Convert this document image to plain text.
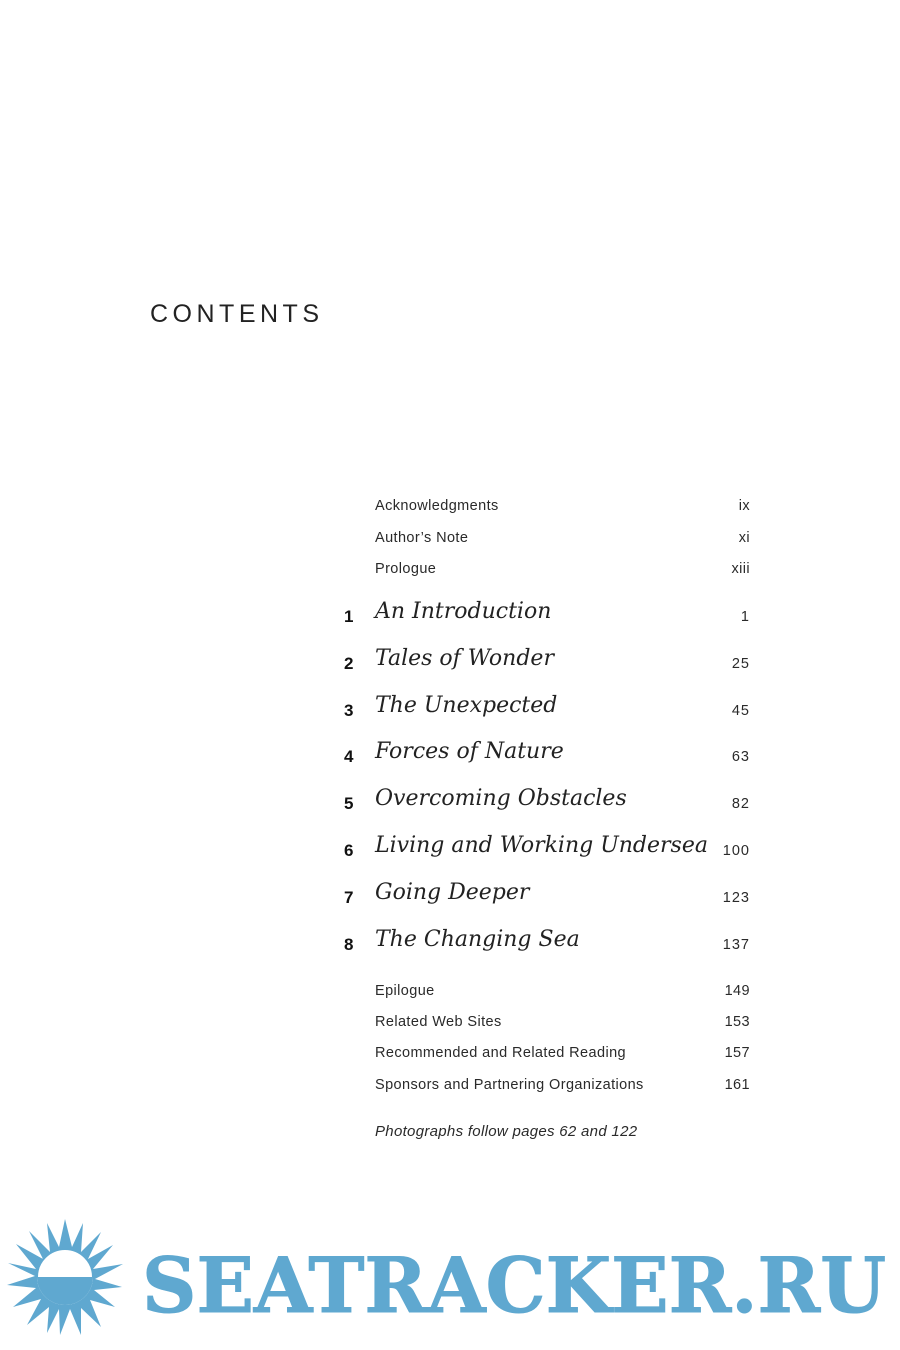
CONTENTS
Acknowledgments	ix
Author’s Note	xi
Prologue	xiii
1 An Introduction	1
2 Tales of Wonder	25
3 The Unexpected	45
4 Forces of Nature	63
5 Overcoming Obstacles	82
6 Living and Working Undersea 100
7 Going Deeper	123
8 The Changing Sea	137
Epilogue	149
Related Web Sites	153
Recommended and Related Reading	157
Sponsors and Partnering Organizations	161
Photographs follow pages 62 and 122
SEATRACKER.RU
